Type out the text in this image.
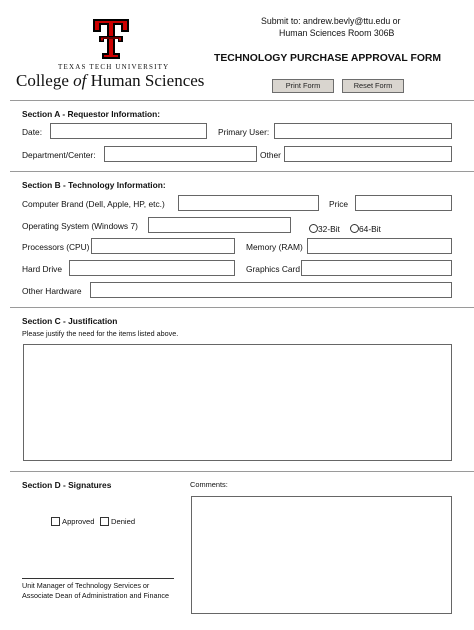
TEXAS TECH UNIVERSITY
College of Human Sciences
Submit to: andrew.bevly@ttu.edu or
Human Sciences Room 306B
TECHNOLOGY PURCHASE APPROVAL FORM
Print Form	Reset Form
Section A - Requestor Information:
Date:	Primary User:
Department/Center:	Other
Section B - Technology Information:
Computer Brand (Dell, Apple, HP, etc.)	Price
Operating System (Windows 7)	32-Bit 64-Bit
Processors (CPU)	Memory (RAM)
Hard Drive	Graphics Card
Other Hardware
Section C - Justification
Please justify the need for the items listed above.
Section D - Signatures	Comments:
Approved Denied
Unit Manager of Technology Services or
Associate Dean of Administration and Finance
